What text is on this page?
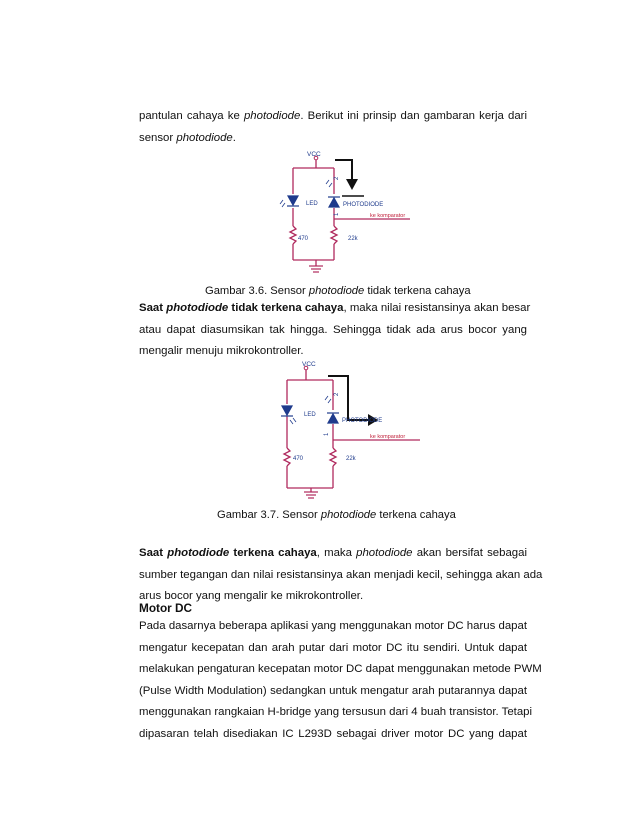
pantulan cahaya ke photodiode. Berikut ini prinsip dan gambaran kerja dari
sensor photodiode.
VCC
LED	PHOTODIODE
ke komparator
470	22k
2
1

Gambar 3.6. Sensor photodiode tidak terkena cahaya

Saat photodiode tidak terkena cahaya, maka nilai resistansinya akan besar
atau dapat diasumsikan tak hingga. Sehingga tidak ada arus bocor yang
mengalir menuju mikrokontroller.
VCC
LED
PHOTODIODE
ke komparator
470	22k
2
1

Gambar 3.7. Sensor photodiode terkena cahaya

Saat photodiode terkena cahaya, maka photodiode akan bersifat sebagai
sumber tegangan dan nilai resistansinya akan menjadi kecil, sehingga akan ada
arus bocor yang mengalir ke mikrokontroller.

Motor DC

Pada dasarnya beberapa aplikasi yang menggunakan motor DC harus dapat
mengatur kecepatan dan arah putar dari motor DC itu sendiri. Untuk dapat
melakukan pengaturan kecepatan motor DC dapat menggunakan metode PWM
(Pulse Width Modulation) sedangkan untuk mengatur arah putarannya dapat
menggunakan rangkaian H-bridge yang tersusun dari 4 buah transistor. Tetapi
dipasaran telah disediakan IC L293D sebagai driver motor DC yang dapat
